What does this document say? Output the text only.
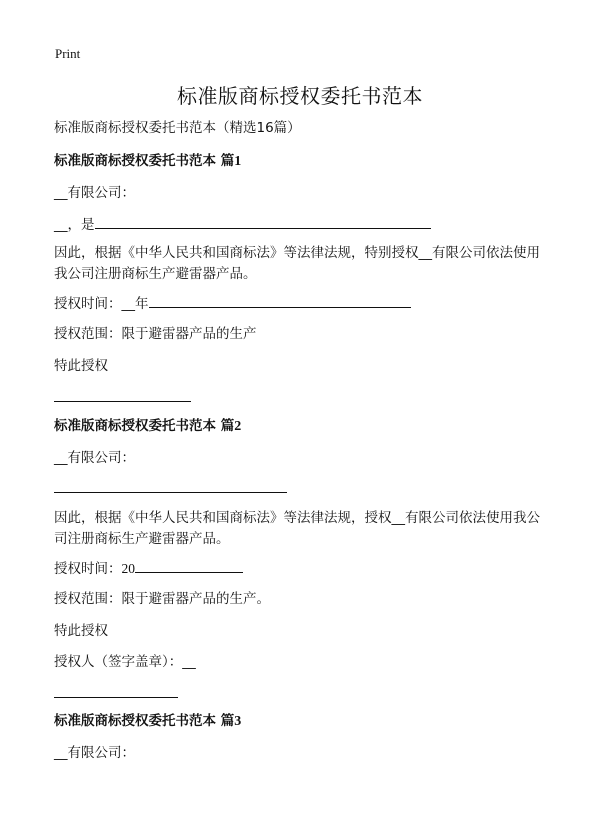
Print
标准版商标授权委托书范本
标准版商标授权委托书范本（精选16篇）
标准版商标授权委托书范本 篇1
__有限公司：
__，是
因此，根据《中华人民共和国商标法》等法律法规，特别授权__有限公司依法使用我公司注册商标生产避雷器产品。
授权时间：__年
授权范围：限于避雷器产品的生产
特此授权
标准版商标授权委托书范本 篇2
__有限公司：
因此，根据《中华人民共和国商标法》等法律法规，授权__有限公司依法使用我公司注册商标生产避雷器产品。
授权时间：20
授权范围：限于避雷器产品的生产。
特此授权
授权人（签字盖章）：__
标准版商标授权委托书范本 篇3
__有限公司：
